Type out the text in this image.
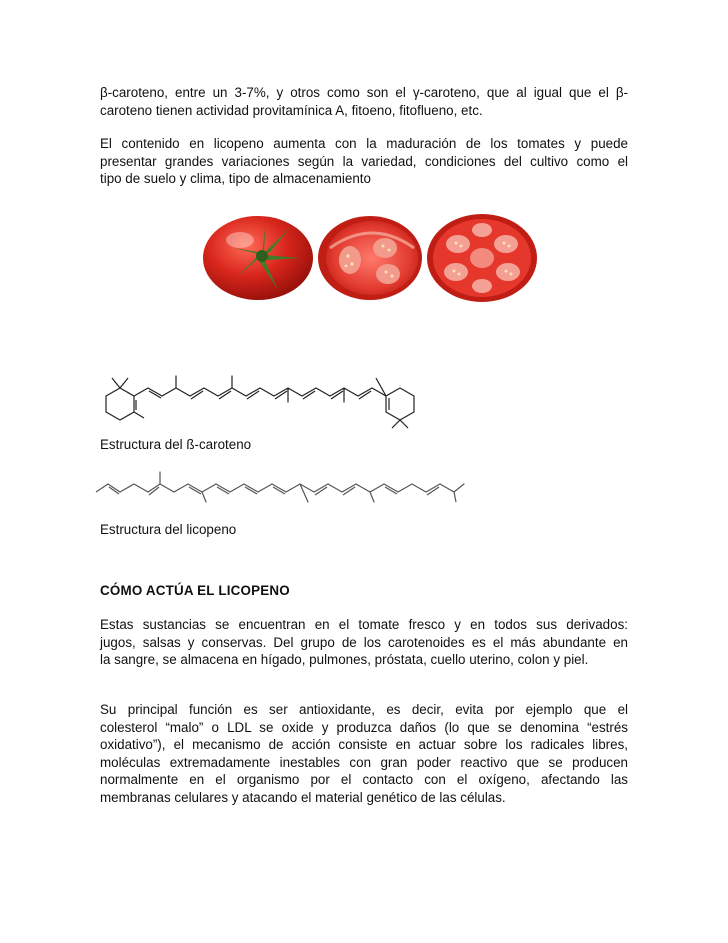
β-caroteno, entre un 3-7%, y otros como son el γ-caroteno, que al igual que el β-
caroteno tienen actividad provitamínica A, fitoeno, fitoflueno, etc.

El contenido en licopeno aumenta con la maduración de los tomates y puede
presentar grandes variaciones según la variedad, condiciones del cultivo como el
tipo de suelo y clima, tipo de almacenamiento

Estructura del ß-caroteno

Estructura del licopeno

CÓMO ACTÚA EL LICOPENO

Estas sustancias se encuentran en el tomate fresco y en todos sus derivados:
jugos, salsas y conservas. Del grupo de los carotenoides es el más abundante en
la sangre, se almacena en hígado, pulmones, próstata, cuello uterino, colon y piel.

Su principal función es ser antioxidante, es decir, evita por ejemplo que el
colesterol “malo” o LDL se oxide y produzca daños (lo que se denomina “estrés
oxidativo”), el mecanismo de acción consiste en actuar sobre los radicales libres,
moléculas extremadamente inestables con gran poder reactivo que se producen
normalmente en el organismo por el contacto con el oxígeno, afectando las
membranas celulares y atacando el material genético de las células.
